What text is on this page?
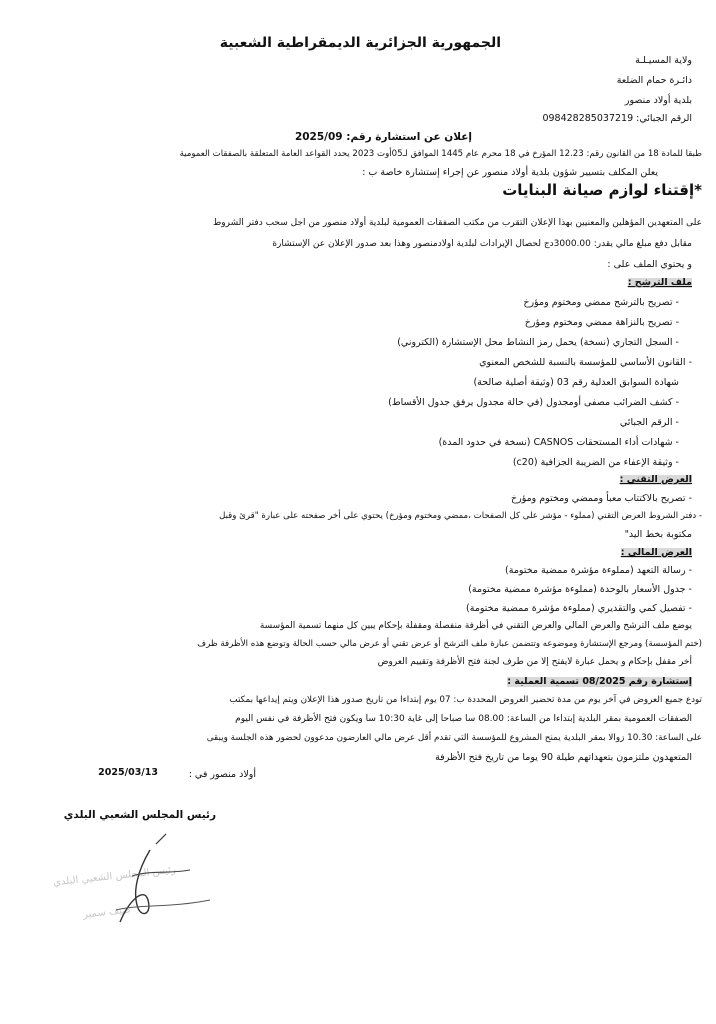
الجمهورية الجزائرية الديمقراطية الشعبية
ولاية المسيـلـة
دائـرة حمام الضلعة
بلدية أولاد منصور
الرقم الجبائي: 098428285037219
إعلان عن استشارة رقم: 2025/09
طبقا للمادة 18 من القانون رقم: 12.23 المؤرخ في 18 محرم عام 1445 الموافق لـ05أوت 2023 يحدد القواعد العامة المتعلقة بالصفقات العمومية
يعلن المكلف بتسيير شؤون بلدية أولاد منصور عن إجراء إستشارة خاصة ب :
*إقتناء لوازم صيانة البنايات
على المتعهدين المؤهلين والمعنيين بهذا الإعلان التقرب من مكتب الصفقات العمومية لبلدية أولاد منصور من اجل سحب دفتر الشروط
مقابل دفع مبلغ مالي يقدر: 3000.00دج لحصال الإيرادات لبلدية اولادمنصور وهذا بعد صدور الإعلان عن الإستشارة
و يحتوي الملف على :
ملف الترشح :
- تصريح بالترشح ممضي ومختوم ومؤرخ
- تصريح بالنزاهة ممضي ومختوم ومؤرخ
- السجل التجاري (نسخة) يحمل رمز النشاط محل الإستشارة (الكتروني)
- القانون الأساسي للمؤسسة بالنسبة للشخص المعنوي
شهادة السوابق العدلية رقم 03 (وثيقة أصلية صالحة)
- كشف الضرائب مصفى أومجدول (في حالة مجدول يرفق جدول الأقساط)
- الرقم الجبائي
- شهادات أداء المستحقات CASNOS (نسخة في حدود المدة)
- وثيقة الإعفاء من الضريبة الجزافية (c20)
العرض التقني :
- تصريح بالاكتتاب معبأ وممضي ومختوم ومؤرخ
- دفتر الشروط العرض التقني (مملوء - مؤشر على كل الصفحات ،ممضي ومختوم ومؤرخ) يحتوي على أخر صفحته على عبارة "قرئ وقبل
مكتوبة بخط اليد"
العرض المالي :
- رسالة التعهد (مملوءة مؤشرة ممضية مختومة)
- جدول الأسعار بالوحدة (مملوءة مؤشرة ممضية مختومة)
- تفصيل كمي والتقديري (مملوءة مؤشرة ممضية مختومة)
يوضع ملف الترشح والعرض المالي والعرض التقني في أظرفة منفصلة ومقفلة بإحكام يبين كل منهما تسمية المؤسسة
(ختم المؤسسة) ومرجع الإستشارة وموضوعه وتتضمن عبارة ملف الترشح أو عرض تقني أو عرض مالي حسب الحالة وتوضع هذه الأظرفة ظرف
أخر مقفل بإحكام و يحمل عبارة لايفتح إلا من طرف لجنة فتح الأظرفة وتقييم العروض
إستشارة رقم 08/2025 تسمية العملية :
تودع جميع العروض في آخر يوم من مدة تحضير العروض المحددة ب: 07 يوم إبتداءا من تاريخ صدور هذا الإعلان ويتم إيداعها بمكتب
الصفقات العمومية بمقر البلدية إبتداءا من الساعة: 08.00 سا صباحا إلى غاية 10:30 سا ويكون فتح الأظرفة في نفس اليوم
على الساعة: 10.30 زوالا بمقر البلدية يمنح المشروع للمؤسسة التي تقدم أقل عرض مالي العارضون مدعوون لحضور هذه الجلسة ويبقى
المتعهدون ملتزمون بتعهداتهم طيلة 90 يوما من تاريخ فتح الأظرفة
أولاد منصور في :
2025/03/13
رئيس المجلس الشعبي البلدي
رئيس المجلس الشعبي البلدي
ضيف سمير
